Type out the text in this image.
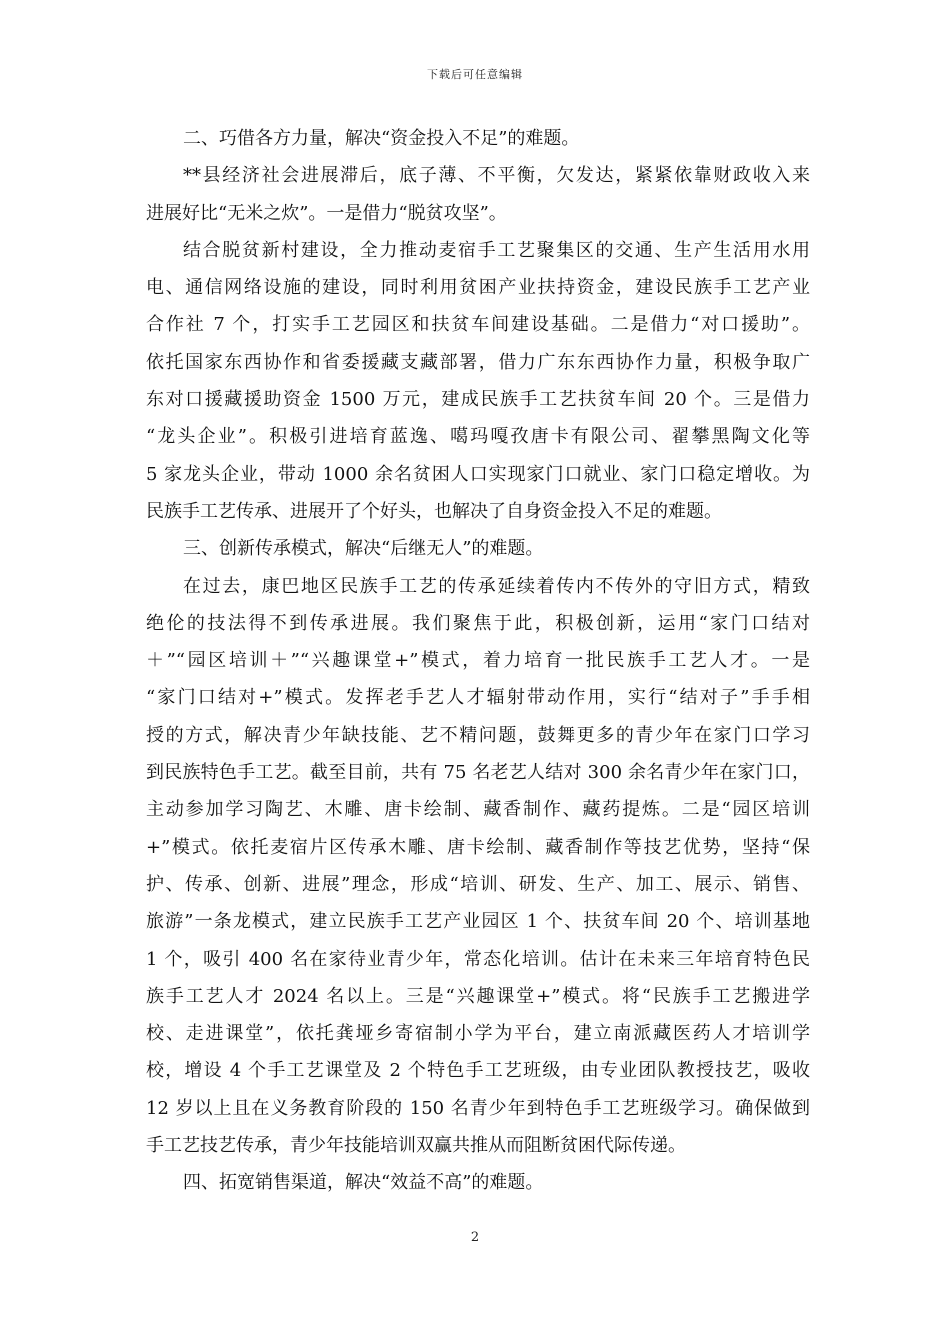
下载后可任意编辑
二、巧借各方力量，解决“资金投入不足”的难题。
**县经济社会进展滞后，底子薄、不平衡，欠发达，紧紧依靠财政收入来
进展好比“无米之炊”。一是借力“脱贫攻坚”。
结合脱贫新村建设，全力推动麦宿手工艺聚集区的交通、生产生活用水用
电、通信网络设施的建设，同时利用贫困产业扶持资金，建设民族手工艺产业
合作社 7 个，打实手工艺园区和扶贫车间建设基础。二是借力“对口援助”。
依托国家东西协作和省委援藏支藏部署，借力广东东西协作力量，积极争取广
东对口援藏援助资金 1500 万元，建成民族手工艺扶贫车间 20 个。三是借力
“龙头企业”。积极引进培育蓝逸、噶玛嘎孜唐卡有限公司、翟攀黑陶文化等
5 家龙头企业，带动 1000 余名贫困人口实现家门口就业、家门口稳定增收。为
民族手工艺传承、进展开了个好头，也解决了自身资金投入不足的难题。
三、创新传承模式，解决“后继无人”的难题。
在过去，康巴地区民族手工艺的传承延续着传内不传外的守旧方式，精致
绝伦的技法得不到传承进展。我们聚焦于此，积极创新，运用“家门口结对
＋”“园区培训＋”“兴趣课堂+”模式，着力培育一批民族手工艺人才。一是
“家门口结对+”模式。发挥老手艺人才辐射带动作用，实行“结对子”手手相
授的方式，解决青少年缺技能、艺不精问题，鼓舞更多的青少年在家门口学习
到民族特色手工艺。截至目前，共有 75 名老艺人结对 300 余名青少年在家门口，
主动参加学习陶艺、木雕、唐卡绘制、藏香制作、藏药提炼。二是“园区培训
+”模式。依托麦宿片区传承木雕、唐卡绘制、藏香制作等技艺优势，坚持“保
护、传承、创新、进展”理念，形成“培训、研发、生产、加工、展示、销售、
旅游”一条龙模式，建立民族手工艺产业园区 1 个、扶贫车间 20 个、培训基地
1 个，吸引 400 名在家待业青少年，常态化培训。估计在未来三年培育特色民
族手工艺人才 2024 名以上。三是“兴趣课堂+”模式。将“民族手工艺搬进学
校、走进课堂”，依托龚垭乡寄宿制小学为平台，建立南派藏医药人才培训学
校，增设 4 个手工艺课堂及 2 个特色手工艺班级，由专业团队教授技艺，吸收
12 岁以上且在义务教育阶段的 150 名青少年到特色手工艺班级学习。确保做到
手工艺技艺传承，青少年技能培训双赢共推从而阻断贫困代际传递。
四、拓宽销售渠道，解决“效益不高”的难题。
2
